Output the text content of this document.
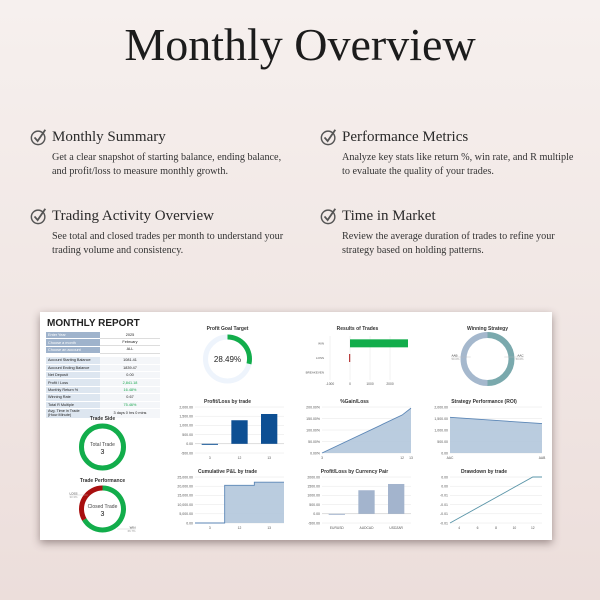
Monthly Overview
Monthly Summary

Get a clear snapshot of starting balance, ending balance, and profit/loss to measure monthly growth.

Performance Metrics

Analyze key stats like return %, win rate, and R multiple to evaluate the quality of your trades.

Trading Activity Overview

See total and closed trades per month to understand your trading volume and consistency.

Time in Market

Review the average duration of trades to refine your strategy based on holding patterns.

MONTHLY REPORT
Enter Year	2025
Choose a month	February
Choose an account	ALL
Account Starting Balance	1081.41
Account Ending Balance	1839.47
Net Deposit	0.00
Profit / Loss	2,841.18
Monthly Return %	16.48%
Winning Rate	0.67
Total R Multiple	75.46%
Avg. Time in Trade (Hour:Minute)	3 days 0 hrs 0 mins
Profit Goal Target
28.49%
Results of Trades
-1000	0	1000	2000
WIN
LOSS
BREAKEVEN
Winning Strategy
AAC
50.0%
AAB
50.0%
Profit/Loss by trade
-500.00
0.00
500.00
1,000.00
1,500.00
2,000.00
3	12	13
%Gain/Loss
0.00%
50.00%
100.00%
150.00%
200.00%
3	12 13
Strategy Performance (ROI)
0.00
500.00
1,000.00
1,500.00
2,000.00
AAC	AAB
Cumulative P&L by trade
0.00
5,000.00
10,000.00
15,000.00
20,000.00
25,000.00
3	12	13
Profit/Loss by Currency Pair
-500.00
0.00
500.00
1000.00
1500.00
2000.00
EURUSD	AUDCAD	USDZAR
Drawdown by trade
-0.01
-0.01
-0.01
-0.01
0.00
0.00
4	6	8	10	12
Trade Side
Total Trade
3
Trade Performance
WIN
66.7%
LOSS
33.3%
Closed Trade
3
